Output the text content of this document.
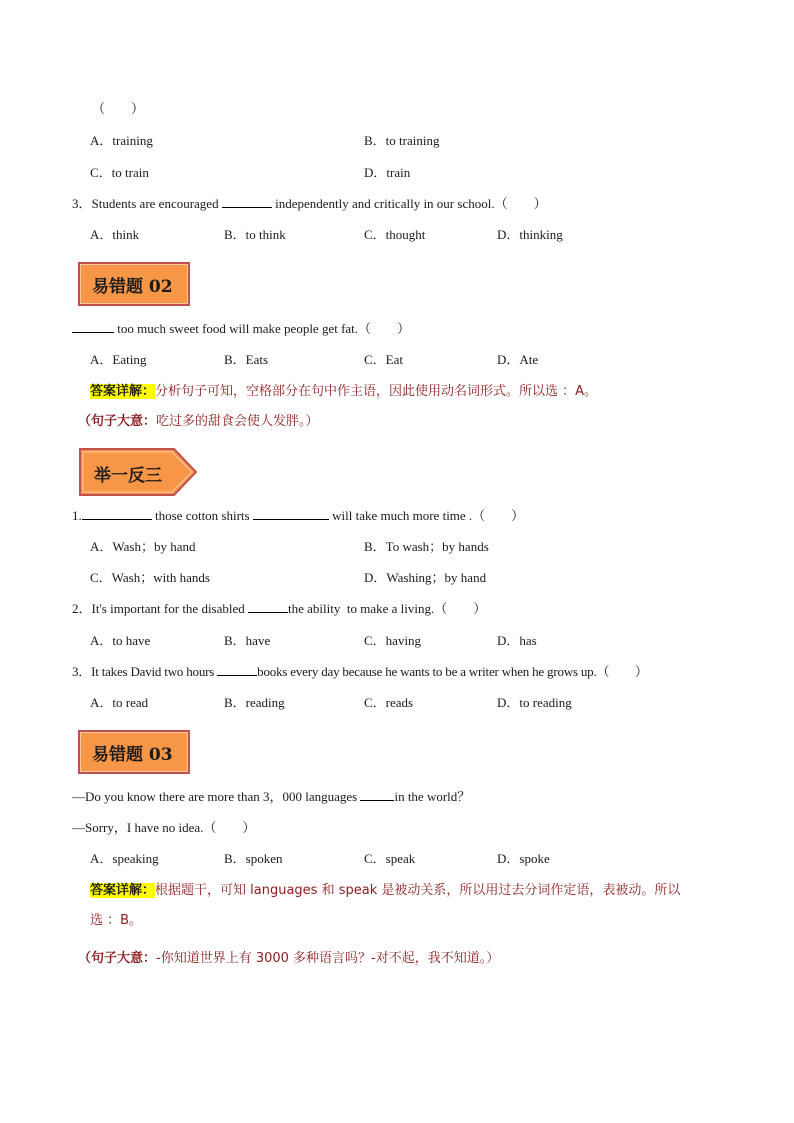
（　　）
A．training	B．to training
C．to train	D．train
3．Students are encouraged	independently and critically in our school.（　　）
A．think	B．to think	C．thought	D．thinking
易错题 02
too much sweet food will make people get fat.（　　）
A．Eating	B．Eats	C．Eat	D．Ate
答案详解：分析句子可知，空格部分在句中作主语，因此使用动名词形式。所以选 ：A。
（句子大意：吃过多的甜食会使人发胖。）
举一反三
1.	those cotton shirts	will take much more time .（　　）
A．Wash；by hand	B．To wash；by hands
C．Wash；with hands	D．Washing；by hand
2．It's important for the disabled	the ability  to make a living.（　　）
A．to have	B．have	C．having	D．has
3．It takes David two hours	books every day because he wants to be a writer when he grows up.（　　）
A．to read	B．reading	C．reads	D．to reading
易错题 03
—Do you know there are more than 3，000 languages	in the world？
—Sorry，I have no idea.（　　）
A．speaking	B．spoken	C．speak	D．spoke
答案详解：根据题干，可知 languages 和 speak 是被动关系，所以用过去分词作定语，表被动。所以
选 ：B。
（句子大意：-你知道世界上有 3000 多种语言吗？-对不起，我不知道。）
